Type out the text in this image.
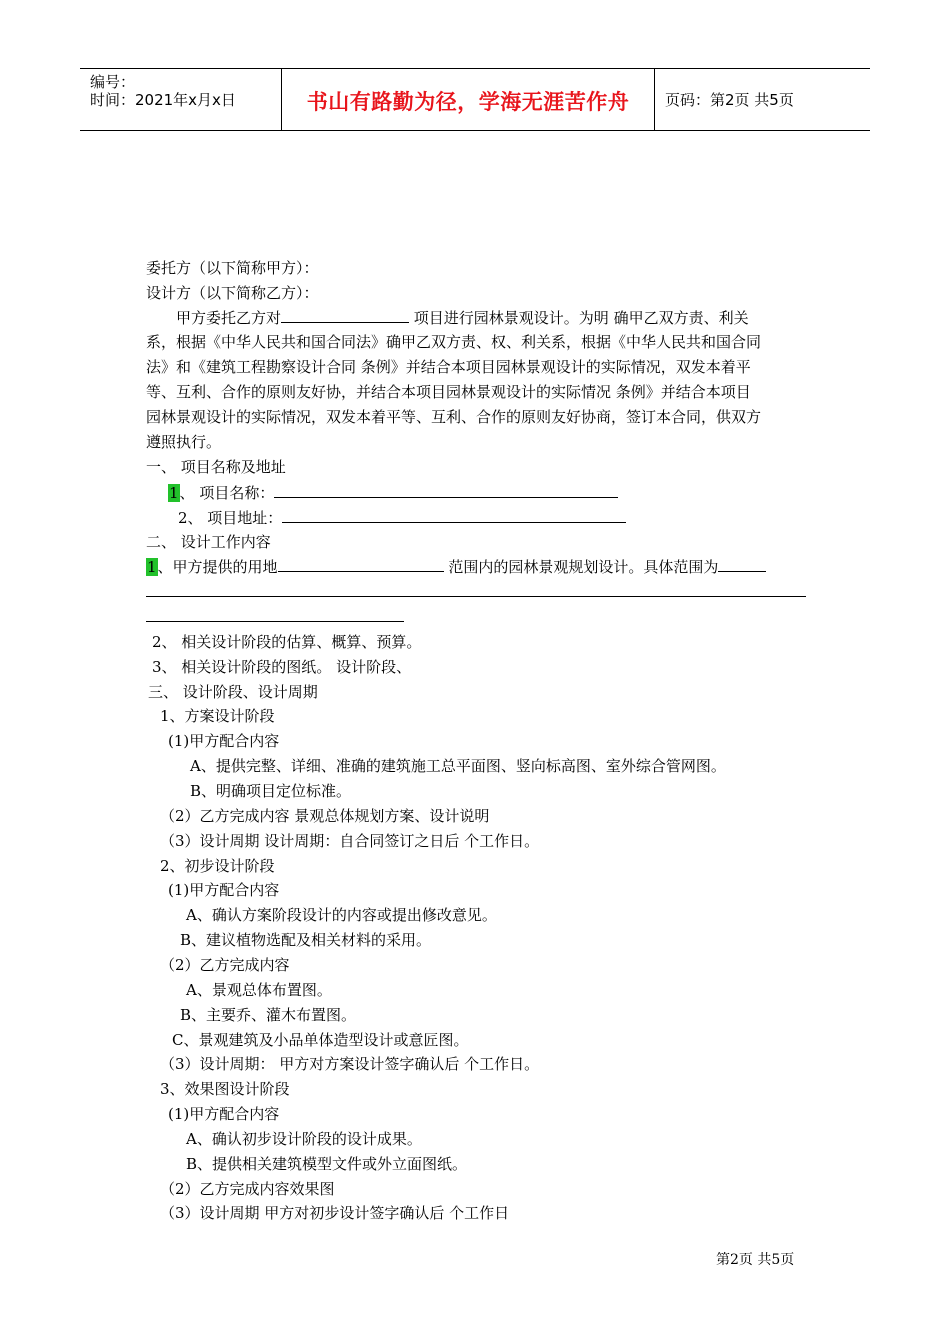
编号：
时间：2021年x月x日	书山有路勤为径，学海无涯苦作舟	页码：第2页 共5页
委托方（以下简称甲方）：
设计方（以下简称乙方）：
甲方委托乙方对	项目进行园林景观设计。为明 确甲乙双方责、利关
系，根据《中华人民共和国合同法》确甲乙双方责、权、利关系，根据《中华人民共和国合同
法》和《建筑工程勘察设计合同 条例》并结合本项目园林景观设计的实际情况，双发本着平
等、互利、合作的原则友好协，并结合本项目园林景观设计的实际情况 条例》并结合本项目
园林景观设计的实际情况，双发本着平等、互利、合作的原则友好协商，签订本合同，供双方
遵照执行。
一、 项目名称及地址
1、 项目名称：
2、 项目地址：
二、 设计工作内容
1、甲方提供的用地	范围内的园林景观规划设计。具体范围为
2、 相关设计阶段的估算、概算、预算。
3、 相关设计阶段的图纸。 设计阶段、
三、 设计阶段、设计周期
1、方案设计阶段
(1)甲方配合内容
A、提供完整、详细、准确的建筑施工总平面图、竖向标高图、室外综合管网图。
B、明确项目定位标准。
（2）乙方完成内容 景观总体规划方案、设计说明
（3）设计周期 设计周期：自合同签订之日后 个工作日。
2、初步设计阶段
(1)甲方配合内容
A、确认方案阶段设计的内容或提出修改意见。
B、建议植物选配及相关材料的采用。
（2）乙方完成内容
A、景观总体布置图。
B、主要乔、灌木布置图。
C、景观建筑及小品单体造型设计或意匠图。
（3）设计周期： 甲方对方案设计签字确认后 个工作日。
3、效果图设计阶段
(1)甲方配合内容
A、确认初步设计阶段的设计成果。
B、提供相关建筑模型文件或外立面图纸。
（2）乙方完成内容效果图
（3）设计周期 甲方对初步设计签字确认后 个工作日
第2页 共5页
